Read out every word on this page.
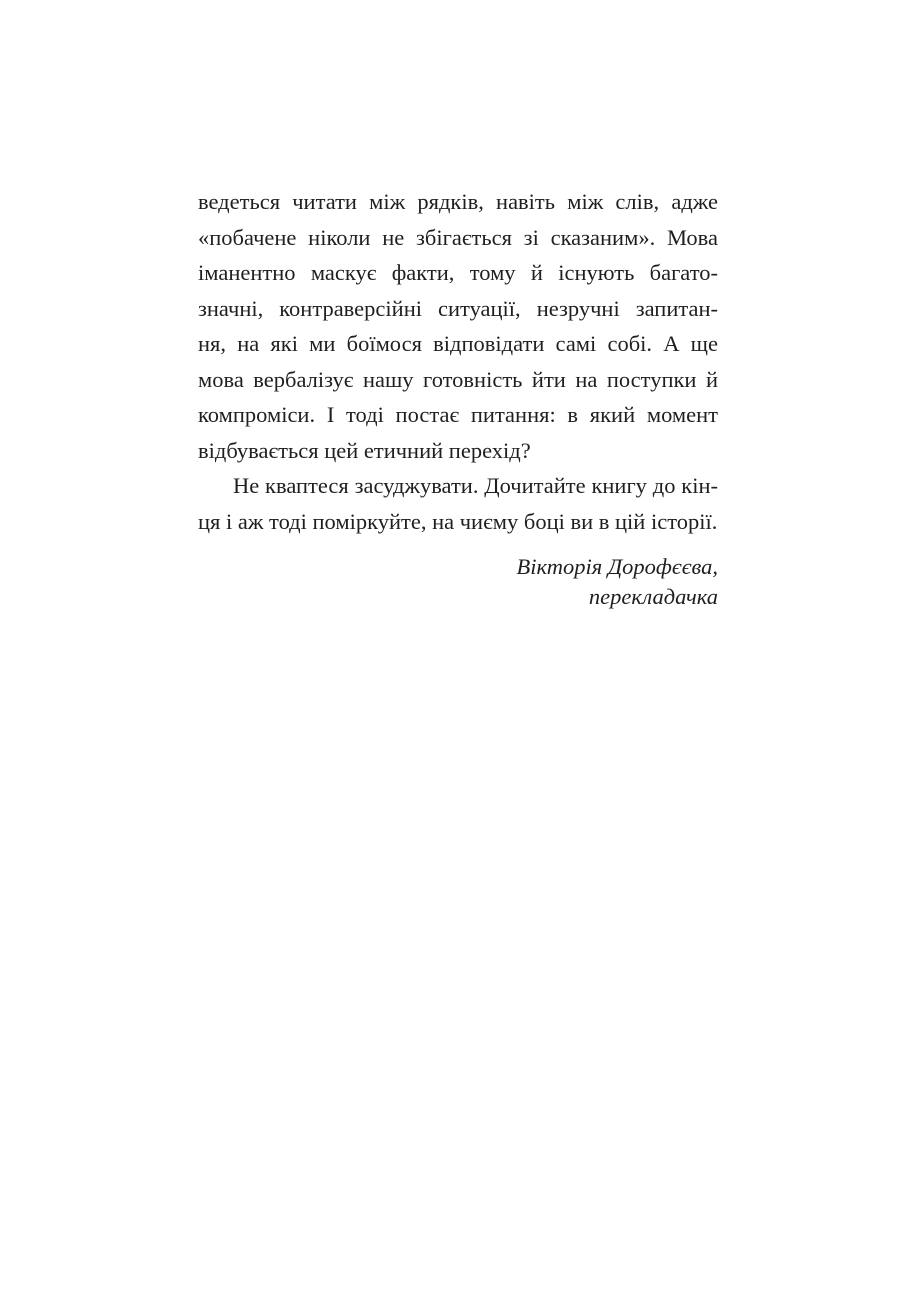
ведеться читати між рядків, навіть між слів, адже
«побачене ніколи не збігається зі сказаним». Мова
іманентно маскує факти, тому й існують багато-
значні, контраверсійні ситуації, незручні запитан-
ня, на які ми боїмося відповідати самі собі. А ще
мова вербалізує нашу готовність йти на поступки й
компроміси. І тоді постає питання: в який момент
відбувається цей етичний перехід?
Не кваптеся засуджувати. Дочитайте книгу до кін-
ця і аж тоді поміркуйте, на чиєму боці ви в цій історії.
Вікторія Дорофєєва,
перекладачка
